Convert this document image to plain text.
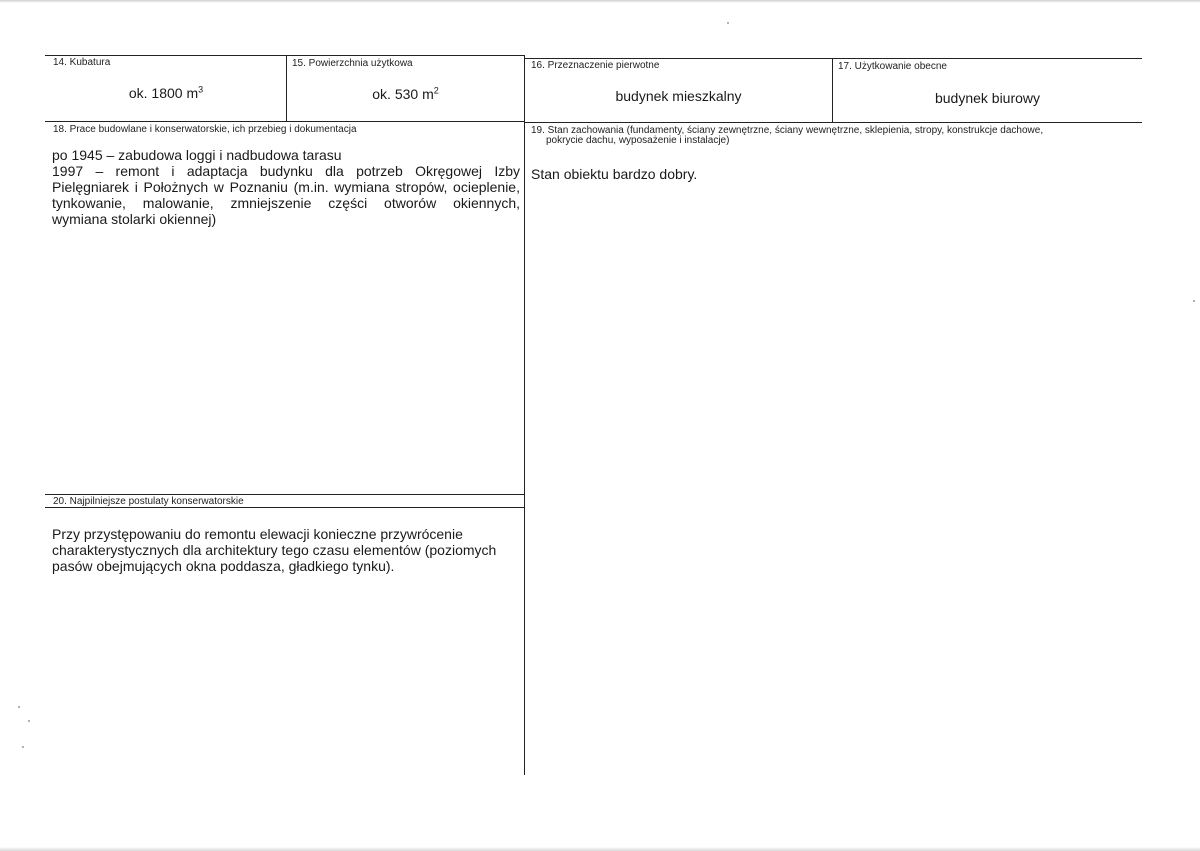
14. Kubatura
ok. 1800 $m^3$
15. Powierzchnia użytkowa
ok. 530 $m^2$
16. Przeznaczenie pierwotne
budynek mieszkalny
17. Użytkowanie obecne
budynek biurowy
18. Prace budowlane i konserwatorskie, ich przebieg i dokumentacja
po 1945 – zabudowa loggi i nadbudowa tarasu
1997 – remont i adaptacja budynku dla potrzeb Okręgowej Izby
Pielęgniarek i Położnych w Poznaniu (m.in. wymiana stropów, ocieplenie,
tynkowanie, malowanie, zmniejszenie części otworów okiennych,
wymiana stolarki okiennej)
19. Stan zachowania (fundamenty, ściany zewnętrzne, ściany wewnętrzne, sklepienia, stropy, konstrukcje dachowe,
pokrycie dachu, wyposażenie i instalacje)
Stan obiektu bardzo dobry.
20. Najpilniejsze postulaty konserwatorskie
Przy przystępowaniu do remontu elewacji konieczne przywrócenie
charakterystycznych dla architektury tego czasu elementów (poziomych
pasów obejmujących okna poddasza, gładkiego tynku).
